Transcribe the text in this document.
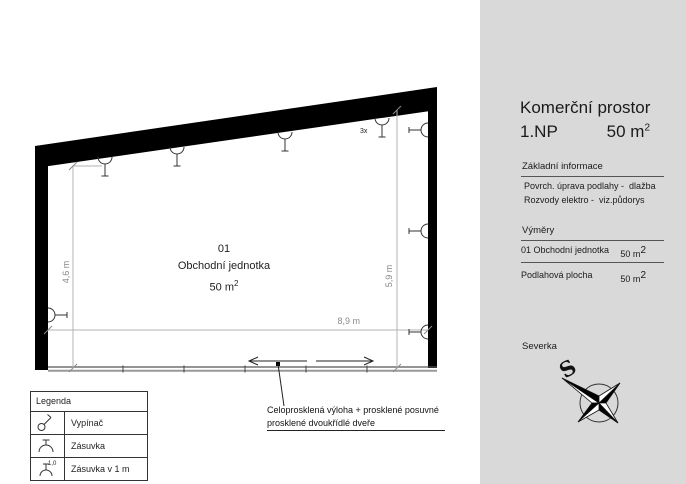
01
Obchodní jednotka
50 $m^2$
4,6 m	5,9 m
8,9 m
3x
Celoprosklená výloha + prosklené posuvné
prosklené dvoukřídlé dveře
Legenda
Vypínač
Zásuvka
1,0	Zásuvka v 1 m
Komerční prostor
1.NP	50 $m^2$
Základní informace
Povrch. úprava podlahy -  dlažba
Rozvody elektro -  viz.půdorys
Výměry
01 Obchodní jednotka 50 $m^2$
Podlahová plocha	50 $m^2$
Severka
S
